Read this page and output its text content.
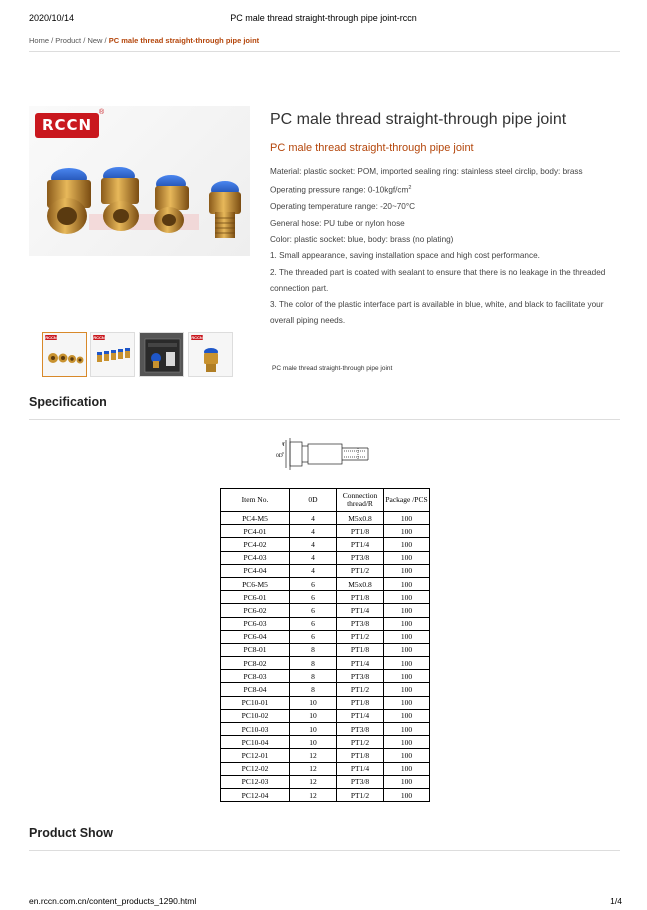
2020/10/14	PC male thread straight-through pipe joint-rccn
Home / Product / New / PC male thread straight-through pipe joint
RCCN
®	PC male thread straight-through pipe joint
PC male thread straight-through pipe joint

Material: plastic socket: POM, imported sealing ring: stainless steel circlip, body: brass

Operating pressure range: $0-10kgf/cm^2$

Operating temperature range: -20~70°C

General hose: PU tube or nylon hose

Color: plastic socket: blue, body: brass (no plating)

1. Small appearance, saving installation space and high cost performance.

2. The threaded part is coated with sealant to ensure that there is no leakage in the threaded connection part.

3. The color of the plastic interface part is available in blue, white, and black to facilitate your overall piping needs.

RCCN	RCCN	RCCN
PC male thread straight-through pipe joint
Specification
T
0D
Item No.	0D	Connection thread/R	Package /PCS
PC4-M5	4	M5x0.8	100
PC4-01	4	PT1/8	100
PC4-02	4	PT1/4	100
PC4-03	4	PT3/8	100
PC4-04	4	PT1/2	100
PC6-M5	6	M5x0.8	100
PC6-01	6	PT1/8	100
PC6-02	6	PT1/4	100
PC6-03	6	PT3/8	100
PC6-04	6	PT1/2	100
PC8-01	8	PT1/8	100
PC8-02	8	PT1/4	100
PC8-03	8	PT3/8	100
PC8-04	8	PT1/2	100
PC10-01	10	PT1/8	100
PC10-02	10	PT1/4	100
PC10-03	10	PT3/8	100
PC10-04	10	PT1/2	100
PC12-01	12	PT1/8	100
PC12-02	12	PT1/4	100
PC12-03	12	PT3/8	100
PC12-04	12	PT1/2	100
Product Show
en.rccn.com.cn/content_products_1290.html	1/4
